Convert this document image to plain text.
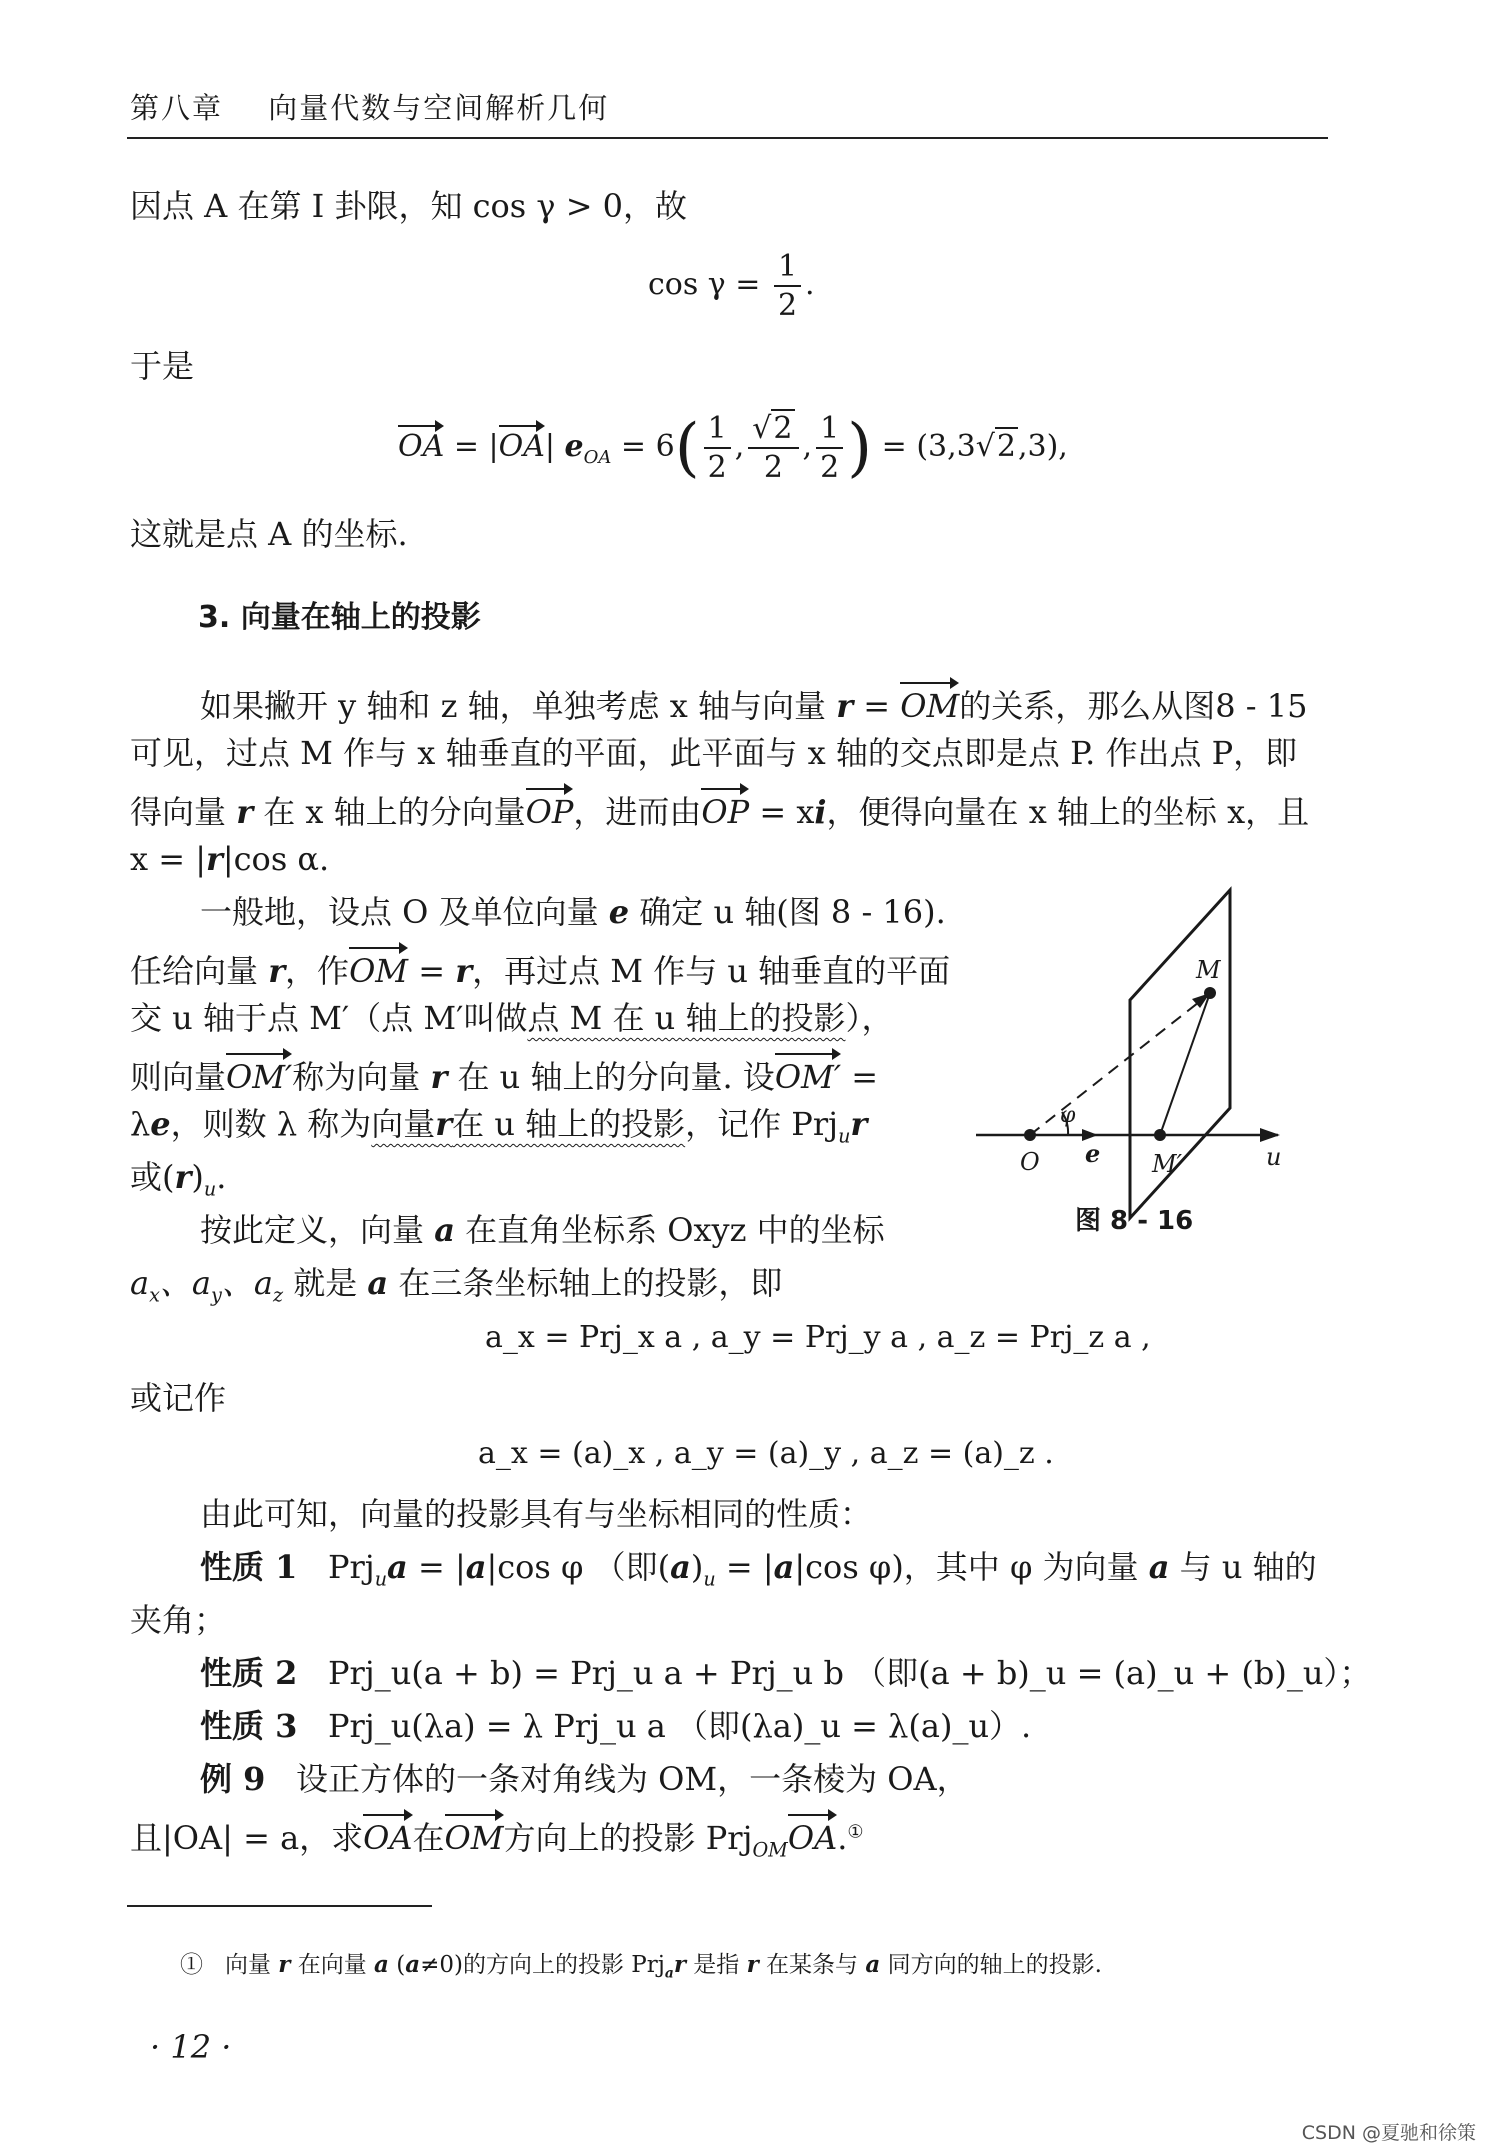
第八章 向量代数与空间解析几何
因点 A 在第 I 卦限，知 cos γ > 0，故
$\cos \gamma = \frac{1}{2}$ .
于是
OA = |OA| $e_{OA} = 6( \frac{1}{2}$ , $\frac{√2}{2}$ , $\frac{1}{2}$ ) = (3,3√2,3),
这就是点 A 的坐标.
3. 向量在轴上的投影
如果撇开 y 轴和 z 轴，单独考虑 x 轴与向量 r = OM的关系，那么从图8 - 15
可见，过点 M 作与 x 轴垂直的平面，此平面与 x 轴的交点即是点 P. 作出点 P，即
得向量 r 在 x 轴上的分向量OP，进而由OP = xi，便得向量在 x 轴上的坐标 x，且
x = |r|cos α.
一般地，设点 O 及单位向量 e 确定 u 轴(图 8 - 16).
任给向量 r，作OM = r，再过点 M 作与 u 轴垂直的平面
交 u 轴于点 M′（点 M′叫做点 M 在 u 轴上的投影），
则向量OM′称为向量 r 在 u 轴上的分向量. 设OM′ =
λe，则数 λ 称为向量r在 u 轴上的投影，记作 Prj$_u$r
或$(r)_u$.
M
φ
O e M′	u
图 8 - 16
按此定义，向量 a 在直角坐标系 Oxyz 中的坐标
$a_x$、$a_y$、$a_z$ 就是 a 在三条坐标轴上的投影，即
a_x = Prj_x a , a_y = Prj_y a , a_z = Prj_z a ,
或记作
a_x = (a)_x , a_y = (a)_y , a_z = (a)_z .
由此可知，向量的投影具有与坐标相同的性质：
性质 1 Prj$_u$a = |a|cos φ （即$(a)_u = |a|\cos$ φ)，其中 φ 为向量 a 与 u 轴的
夹角；
性质 2 Prj_u(a + b) = Prj_u a + Prj_u b （即(a + b)_u = (a)_u + (b)_u）；
性质 3 Prj_u(λa) = λ Prj_u a （即(λa)_u = λ(a)_u）.
例 9 设正方体的一条对角线为 OM，一条棱为 OA，
且|OA| = a，求OA在OM方向上的投影 Prj$_{OM}$OA.①
① 向量 r 在向量 a (a≠0)的方向上的投影 Prj$_a$r 是指 r 在某条与 a 同方向的轴上的投影.
· 12 ·
CSDN @夏驰和徐策
